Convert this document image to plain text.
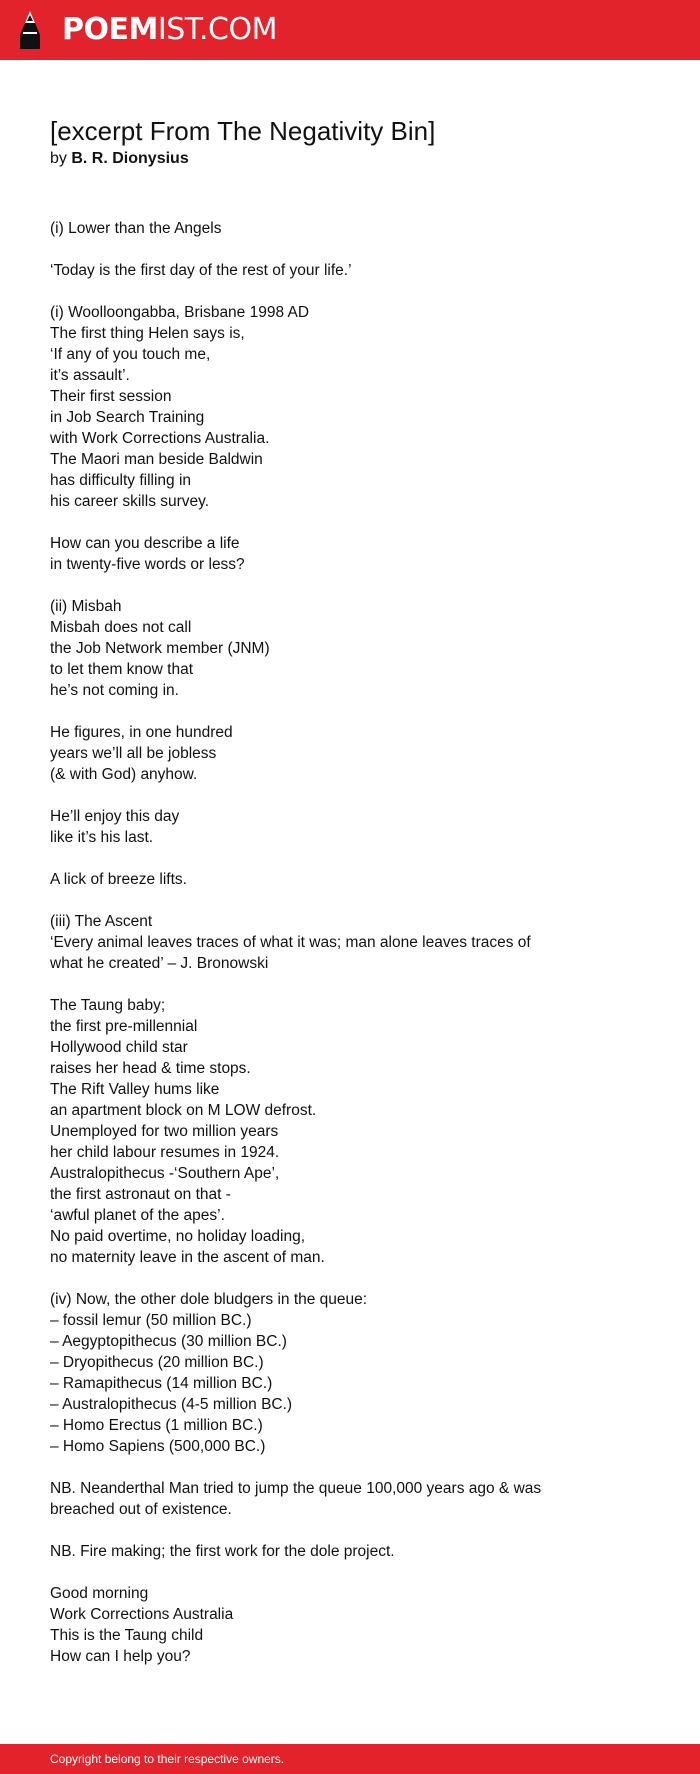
POEMIST.COM
[excerpt From The Negativity Bin]
by B. R. Dionysius
(i) Lower than the Angels
‘Today is the first day of the rest of your life.’
(i) Woolloongabba, Brisbane 1998 AD
The first thing Helen says is,
‘If any of you touch me,
it’s assault’.
Their first session
in Job Search Training
with Work Corrections Australia.
The Maori man beside Baldwin
has difficulty filling in
his career skills survey.
How can you describe a life
in twenty-five words or less?
(ii) Misbah
Misbah does not call
the Job Network member (JNM)
to let them know that
he’s not coming in.
He figures, in one hundred
years we’ll all be jobless
(& with God) anyhow.
He’ll enjoy this day
like it’s his last.
A lick of breeze lifts.
(iii) The Ascent
‘Every animal leaves traces of what it was; man alone leaves traces of
what he created’ – J. Bronowski
The Taung baby;
the first pre-millennial
Hollywood child star
raises her head & time stops.
The Rift Valley hums like
an apartment block on M LOW defrost.
Unemployed for two million years
her child labour resumes in 1924.
Australopithecus -‘Southern Ape’,
the first astronaut on that -
‘awful planet of the apes’.
No paid overtime, no holiday loading,
no maternity leave in the ascent of man.
(iv) Now, the other dole bludgers in the queue:
– fossil lemur (50 million BC.)
– Aegyptopithecus (30 million BC.)
– Dryopithecus (20 million BC.)
– Ramapithecus (14 million BC.)
– Australopithecus (4-5 million BC.)
– Homo Erectus (1 million BC.)
– Homo Sapiens (500,000 BC.)
NB. Neanderthal Man tried to jump the queue 100,000 years ago & was
breached out of existence.
NB. Fire making; the first work for the dole project.
Good morning
Work Corrections Australia
This is the Taung child
How can I help you?
Copyright belong to their respective owners.
